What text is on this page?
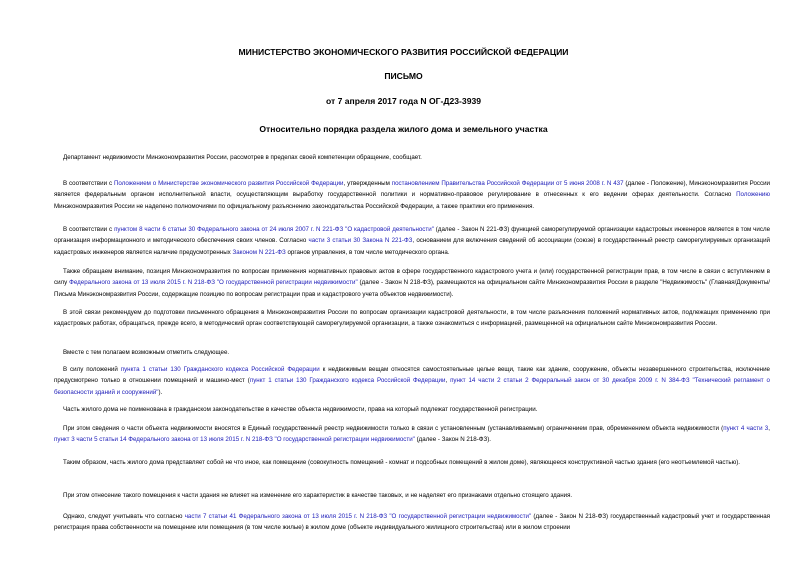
МИНИСТЕРСТВО ЭКОНОМИЧЕСКОГО РАЗВИТИЯ РОССИЙСКОЙ ФЕДЕРАЦИИ
ПИСЬМО
от 7 апреля 2017 года N ОГ-Д23-3939
Относительно порядка раздела жилого дома и земельного участка

Департамент недвижимости Минэкономразвития России, рассмотрев в пределах своей компетенции обращение, сообщает.

В соответствии с Положением о Министерстве экономического развития Российской Федерации, утвержденным постановлением Правительства Российской Федерации от 5 июня 2008 г. N 437 (далее - Положение), Минэкономразвития России является федеральным органом исполнительной власти, осуществляющим выработку государственной политики и нормативно-правовое регулирование в отнесенных к его ведении сферах деятельности. Согласно Положению Минэкономразвития России не наделено полномочиями по официальному разъяснению законодательства Российской Федерации, а также практики его применения.

В соответствии с пунктом 8 части 6 статьи 30 Федерального закона от 24 июля 2007 г. N 221-ФЗ "О кадастровой деятельности" (далее - Закон N 221-ФЗ) функцией саморегулируемой организации кадастровых инженеров является в том числе организация информационного и методического обеспечения своих членов. Согласно части 3 статьи 30 Закона N 221-ФЗ, основанием для включения сведений об ассоциации (союзе) в государственный реестр саморегулируемых организаций кадастровых инженеров является наличие предусмотренных Законом N 221-ФЗ органов управления, в том числе методического органа.

Также обращаем внимание, позиция Минэкономразвития по вопросам применения нормативных правовых актов в сфере государственного кадастрового учета и (или) государственной регистрации прав, в том числе в связи с вступлением в силу Федерального закона от 13 июля 2015 г. N 218-ФЗ "О государственной регистрации недвижимости" (далее - Закон N 218-ФЗ), размещаются на официальном сайте Минэкономразвития России в разделе "Недвижимость" (Главная/Документы/Письма Минэкономразвития России, содержащие позицию по вопросам регистрации прав и кадастрового учета объектов недвижимости).

В этой связи рекомендуем до подготовки письменного обращения в Минэкономразвития России по вопросам организации кадастровой деятельности, в том числе разъяснения положений нормативных актов, подлежащих применению при кадастровых работах, обращаться, прежде всего, в методический орган соответствующей саморегулируемой организации, а также ознакомиться с информацией, размещенной на официальном сайте Минэкономразвития России.

Вместе с тем полагаем возможным отметить следующее.

В силу положений пункта 1 статьи 130 Гражданского кодекса Российской Федерации к недвижимым вещам относятся самостоятельные целые вещи, такие как здание, сооружение, объекты незавершенного строительства, исключение предусмотрено только в отношении помещений и машино-мест (пункт 1 статьи 130 Гражданского кодекса Российской Федерации, пункт 14 части 2 статьи 2 Федеральный закон от 30 декабря 2009 г. N 384-ФЗ "Технический регламент о безопасности зданий и сооружений").

Часть жилого дома не поименована в гражданском законодательстве в качестве объекта недвижимости, права на который подлежат государственной регистрации.

При этом сведения о части объекта недвижимости вносятся в Единый государственный реестр недвижимости только в связи с установленным (устанавливаемым) ограничением прав, обременением объекта недвижимости (пункт 4 части 3, пункт 3 части 5 статьи 14 Федерального закона от 13 июля 2015 г. N 218-ФЗ "О государственной регистрации недвижимости" (далее - Закон N 218-ФЗ).

Таким образом, часть жилого дома представляет собой не что иное, как помещение (совокупность помещений - комнат и подсобных помещений в жилом доме), являющееся конструктивной частью здания (его неотъемлемой частью).

При этом отнесение такого помещения к части здания не влияет на изменение его характеристик в качестве таковых, и не наделяет его признаками отдельно стоящего здания.

Однако, следует учитывать что согласно части 7 статьи 41 Федерального закона от 13 июля 2015 г. N 218-ФЗ "О государственной регистрации недвижимости" (далее - Закон N 218-ФЗ) государственный кадастровый учет и государственная регистрация права собственности на помещение или помещения (в том числе жилые) в жилом доме (объекте индивидуального жилищного строительства) или в жилом строении
